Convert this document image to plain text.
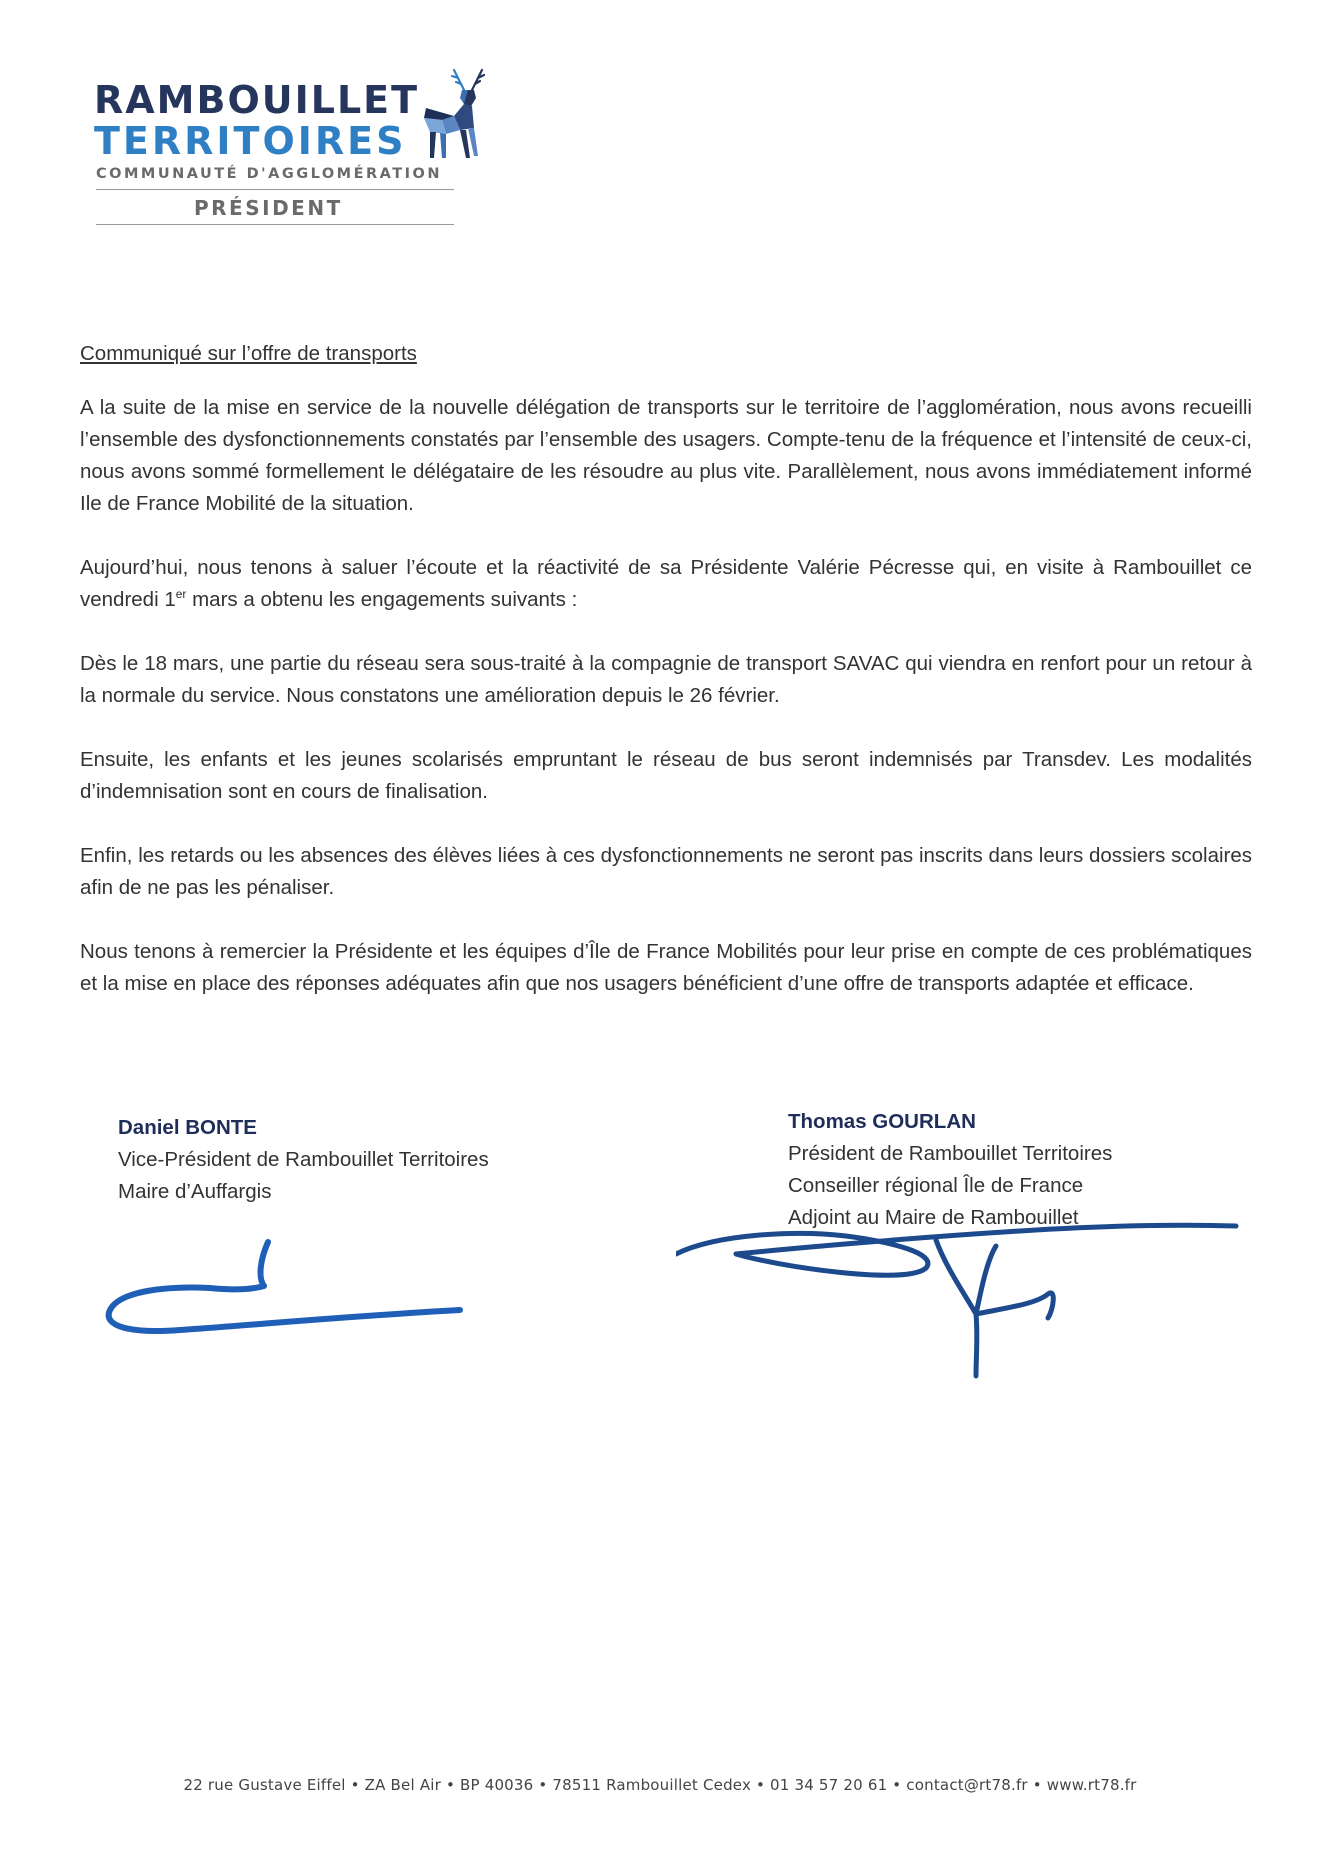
RAMBOUILLET
TERRITOIRES
COMMUNAUTÉ D'AGGLOMÉRATION
PRÉSIDENT

Communiqué sur l’offre de transports

A la suite de la mise en service de la nouvelle délégation de transports sur le territoire de l’agglomération, nous avons recueilli l’ensemble des dysfonctionnements constatés par l’ensemble des usagers. Compte-tenu de la fréquence et l’intensité de ceux-ci, nous avons sommé formellement le délégataire de les résoudre au plus vite. Parallèlement, nous avons immédiatement informé Ile de France Mobilité de la situation.

Aujourd’hui, nous tenons à saluer l’écoute et la réactivité de sa Présidente Valérie Pécresse qui, en visite à Rambouillet ce vendredi 1er mars a obtenu les engagements suivants :

Dès le 18 mars, une partie du réseau sera sous-traité à la compagnie de transport SAVAC qui viendra en renfort pour un retour à la normale du service. Nous constatons une amélioration depuis le 26 février.

Ensuite, les enfants et les jeunes scolarisés empruntant le réseau de bus seront indemnisés par Transdev. Les modalités d’indemnisation sont en cours de finalisation.

Enfin, les retards ou les absences des élèves liées à ces dysfonctionnements ne seront pas inscrits dans leurs dossiers scolaires afin de ne pas les pénaliser.

Nous tenons à remercier la Présidente et les équipes d’Île de France Mobilités pour leur prise en compte de ces problématiques et la mise en place des réponses adéquates afin que nos usagers bénéficient d’une offre de transports adaptée et efficace.

Daniel BONTE
Vice-Président de Rambouillet Territoires
Maire d’Auffargis
Thomas GOURLAN
Président de Rambouillet Territoires
Conseiller régional Île de France
Adjoint au Maire de Rambouillet
22 rue Gustave Eiffel • ZA Bel Air • BP 40036 • 78511 Rambouillet Cedex • 01 34 57 20 61 • contact@rt78.fr • www.rt78.fr
